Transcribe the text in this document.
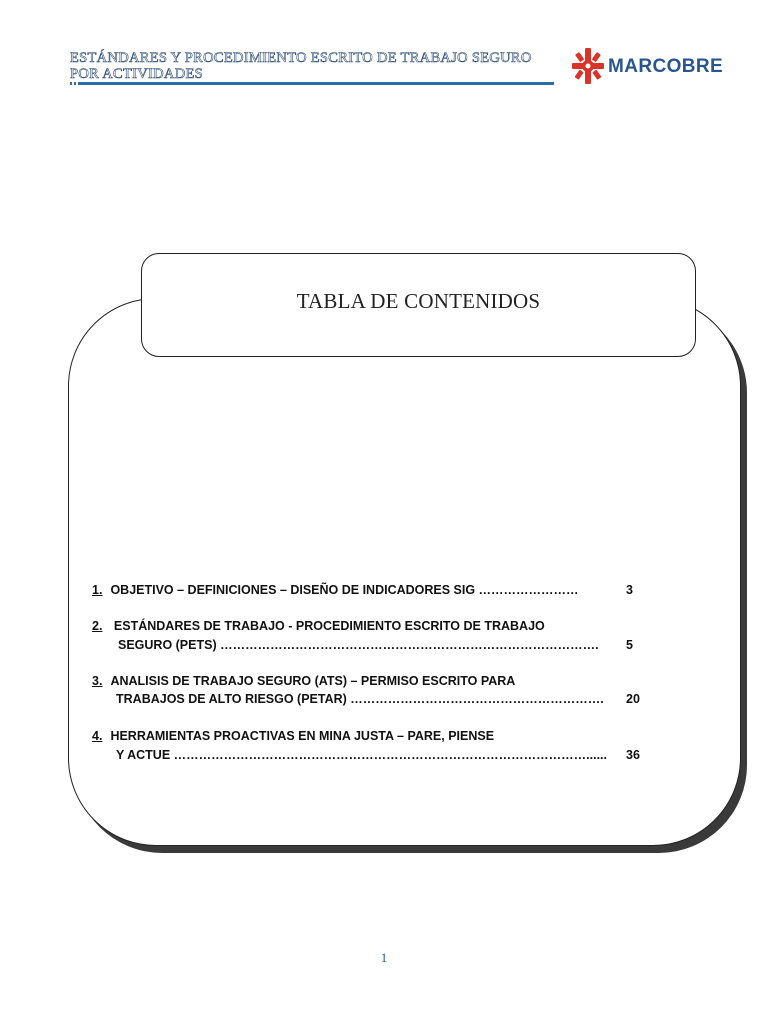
ESTÁNDARES Y PROCEDIMIENTO ESCRITO DE TRABAJO SEGURO
POR ACTIVIDADES	MARCOBRE
TABLA DE CONTENIDOS
1. OBJETIVO – DEFINICIONES – DISEÑO DE INDICADORES SIG ……………………	3
2. ESTÁNDARES DE TRABAJO - PROCEDIMIENTO ESCRITO DE TRABAJO
SEGURO (PETS) ………………………………………………………………………………. 5
3. ANALISIS DE TRABAJO SEGURO (ATS) – PERMISO ESCRITO PARA
TRABAJOS DE ALTO RIESGO (PETAR) ……………………………………………………. 20
4. HERRAMIENTAS PROACTIVAS EN MINA JUSTA – PARE, PIENSE
Y ACTUE ………………………………………………………………………………………...... 36
1
